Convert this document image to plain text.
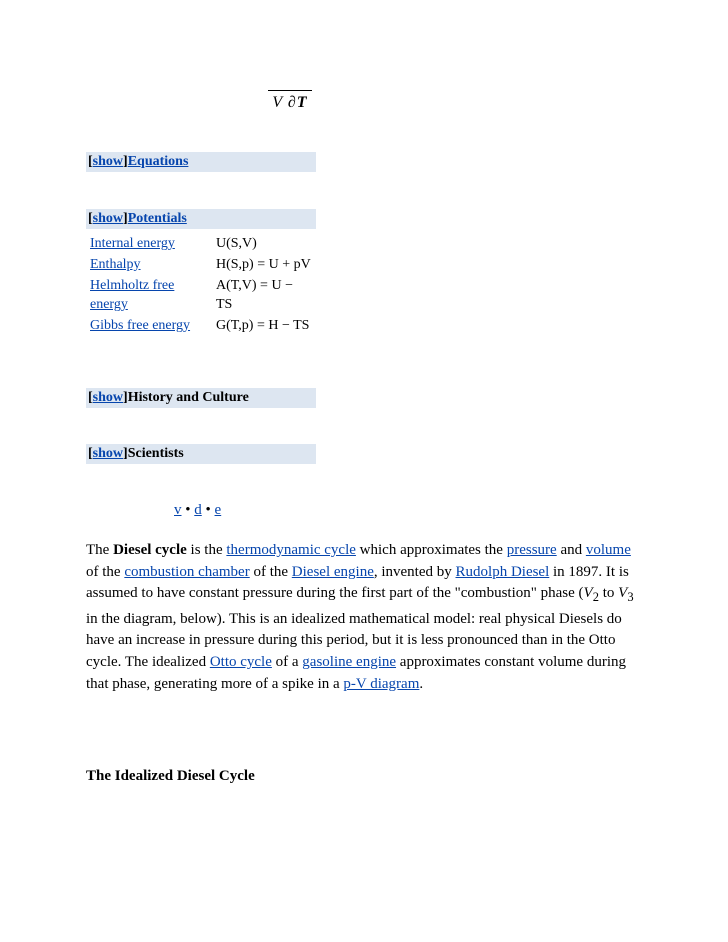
V ∂T
[show]Equations
[show]Potentials
Internal energy	U(S,V)
Enthalpy	H(S,p) = U + pV
Helmholtz free energy	A(T,V) = U − TS
Gibbs free energy	G(T,p) = H − TS
[show]History and Culture
[show]Scientists
v • d • e
The Diesel cycle is the thermodynamic cycle which approximates the pressure and volume of the combustion chamber of the Diesel engine, invented by Rudolph Diesel in 1897. It is assumed to have constant pressure during the first part of the "combustion" phase ($V_2$ to $V_3$ in the diagram, below). This is an idealized mathematical model: real physical Diesels do have an increase in pressure during this period, but it is less pronounced than in the Otto cycle. The idealized Otto cycle of a gasoline engine approximates constant volume during that phase, generating more of a spike in a p-V diagram.
The Idealized Diesel Cycle
